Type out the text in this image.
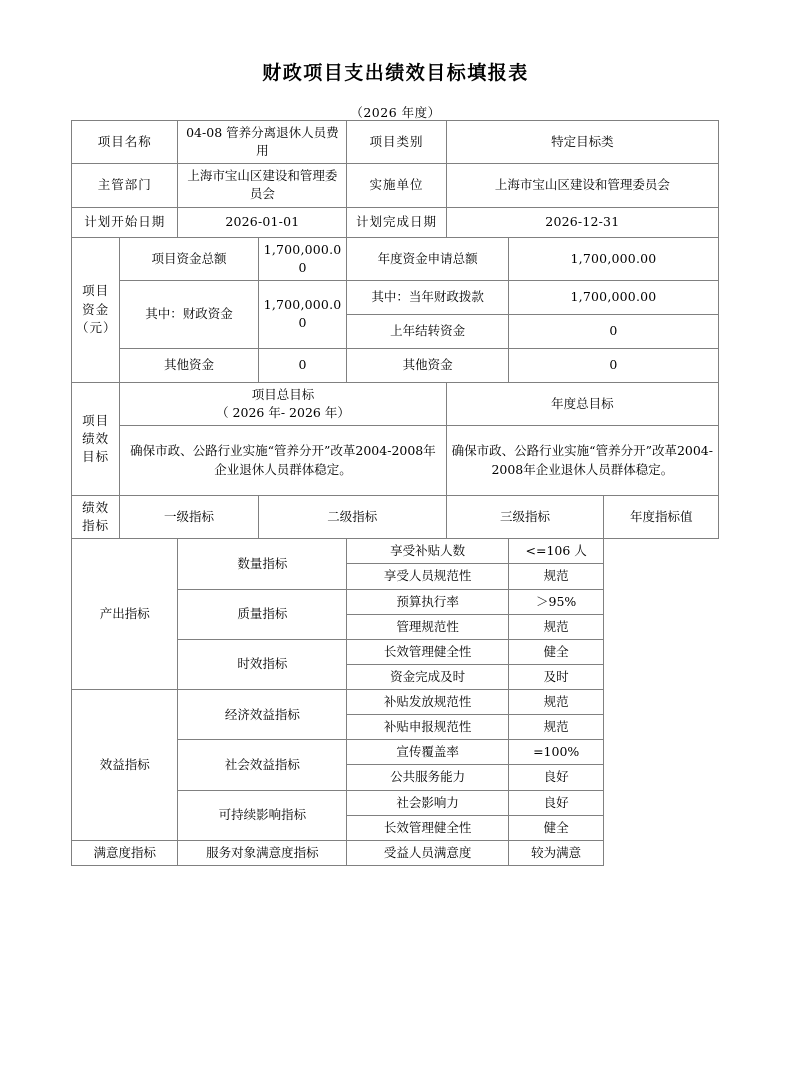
财政项目支出绩效目标填报表

（2026 年度）

项目名称		04-08 管养分离退休人员费用		项目类别	特定目标类		
主管部门		上海市宝山区建设和管理委员会		实施单位	上海市宝山区建设和管理委员会		
计划开始日期		2026-01-01		计划完成日期	2026-12-31		

项目资金
（元）	项目资金总额		1,700,000.00	年度资金申请总额		1,700,000.00	
	其中：财政资金		1,700,000.00	其中：当年财政拨款		1,700,000.00	
				上年结转资金		0	
	其他资金		0	其他资金		0	

项目
绩效
目标

项目总目标
（ 2026 年- 2026 年）
	年度总目标
	确保市政、公路行业实施“管养分开”改革2004-2008年企业退休人员群体稳定。				确保市政、公路行业实施“管养分开”改革2004-2008年企业退休人员群体稳定。		

绩效
指标	一级指标		二级指标		三级指标		年度指标值
产出指标		数量指标		享受补贴人数		<=106 人	
				享受人员规范性		规范	
		质量指标		预算执行率		＞95%	
				管理规范性		规范	
		时效指标		长效管理健全性		健全	
				资金完成及时		及时	
效益指标		经济效益指标		补贴发放规范性		规范	
				补贴申报规范性		规范	
		社会效益指标		宣传覆盖率		=100%	
				公共服务能力		良好	
		可持续影响指标		社会影响力		良好	
				长效管理健全性		健全	
满意度指标		服务对象满意度指标		受益人员满意度		较为满意	
